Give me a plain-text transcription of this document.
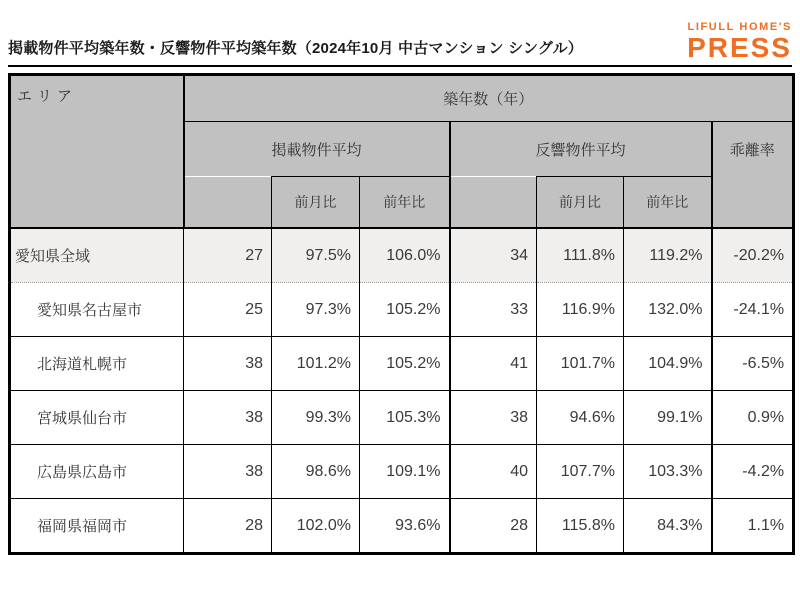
掲載物件平均築年数・反響物件平均築年数（2024年10月 中古マンション シングル）
LIFULL HOME'S
PRESS
エリア	築年数（年）						
	掲載物件平均			反響物件平均			乖離率
		前月比	前年比		前月比	前年比	
愛知県全域	27	97.5%	106.0%	34	111.8%	119.2%	-20.2%
愛知県名古屋市	25	97.3%	105.2%	33	116.9%	132.0%	-24.1%
北海道札幌市	38	101.2%	105.2%	41	101.7%	104.9%	-6.5%
宮城県仙台市	38	99.3%	105.3%	38	94.6%	99.1%	0.9%
広島県広島市	38	98.6%	109.1%	40	107.7%	103.3%	-4.2%
福岡県福岡市	28	102.0%	93.6%	28	115.8%	84.3%	1.1%
